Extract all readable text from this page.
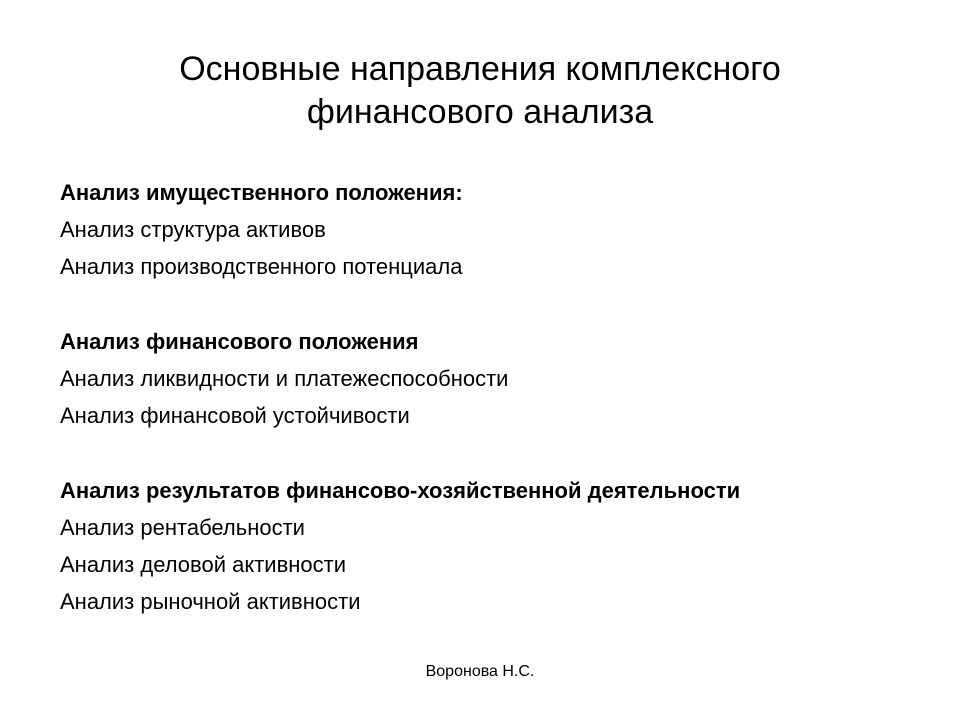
Основные направления комплексного
финансового анализа
Анализ имущественного положения:
Анализ структура активов
Анализ производственного потенциала
Анализ финансового положения
Анализ ликвидности и платежеспособности
Анализ финансовой устойчивости
Анализ результатов финансово-хозяйственной деятельности
Анализ рентабельности
Анализ деловой активности
Анализ рыночной активности
Воронова Н.С.
